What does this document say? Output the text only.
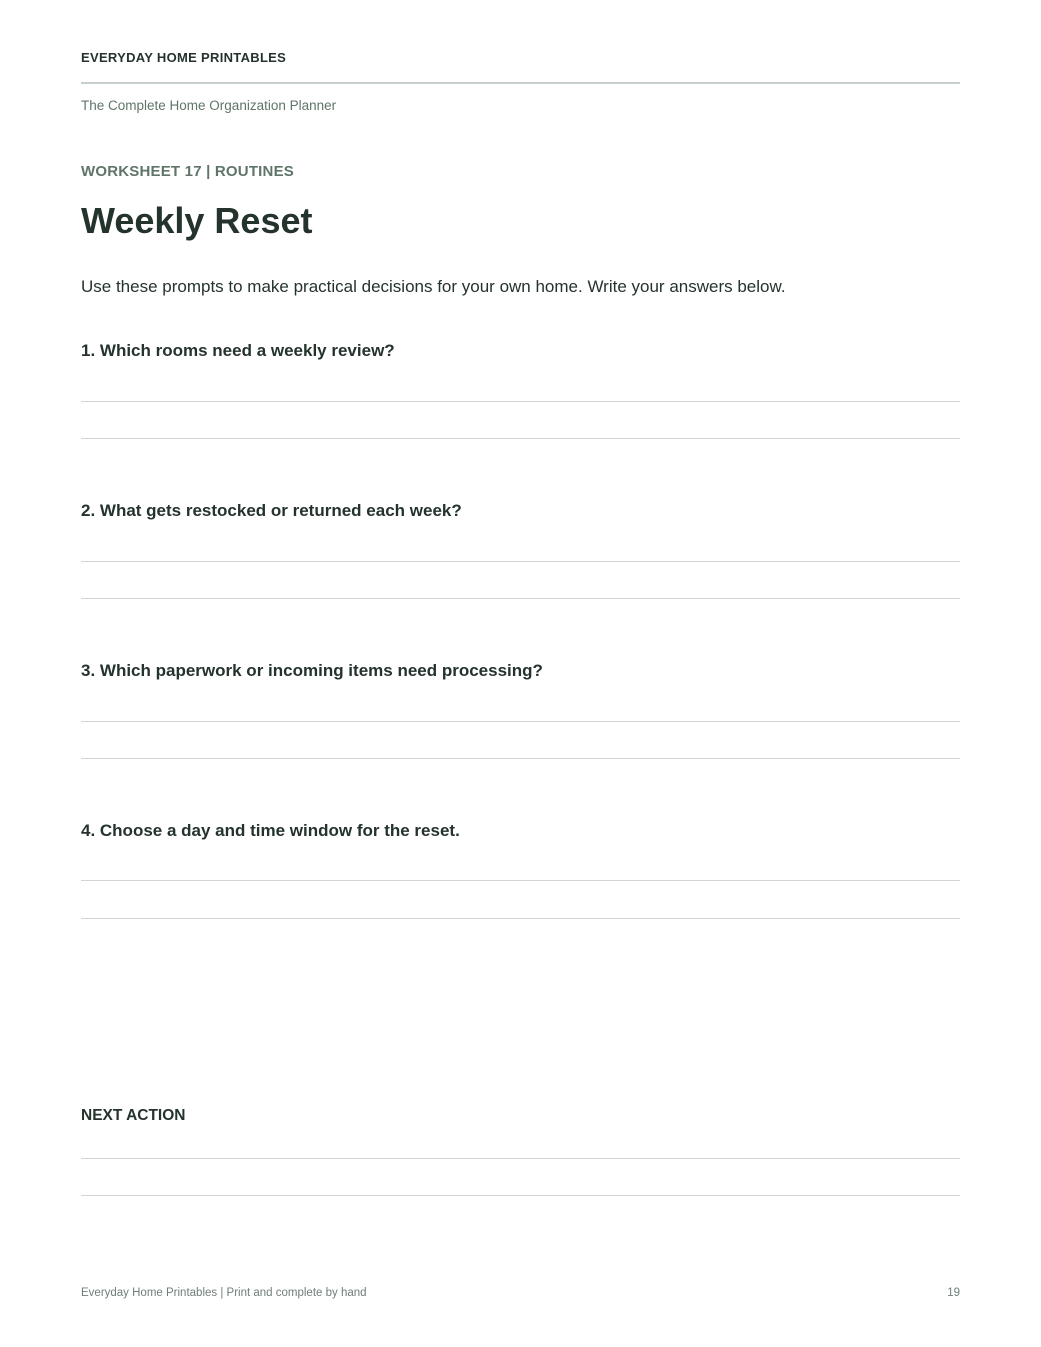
EVERYDAY HOME PRINTABLES
The Complete Home Organization Planner
WORKSHEET 17 | ROUTINES
Weekly Reset
Use these prompts to make practical decisions for your own home. Write your answers below.
1. Which rooms need a weekly review?
2. What gets restocked or returned each week?
3. Which paperwork or incoming items need processing?
4. Choose a day and time window for the reset.
NEXT ACTION
Everyday Home Printables | Print and complete by hand	19
